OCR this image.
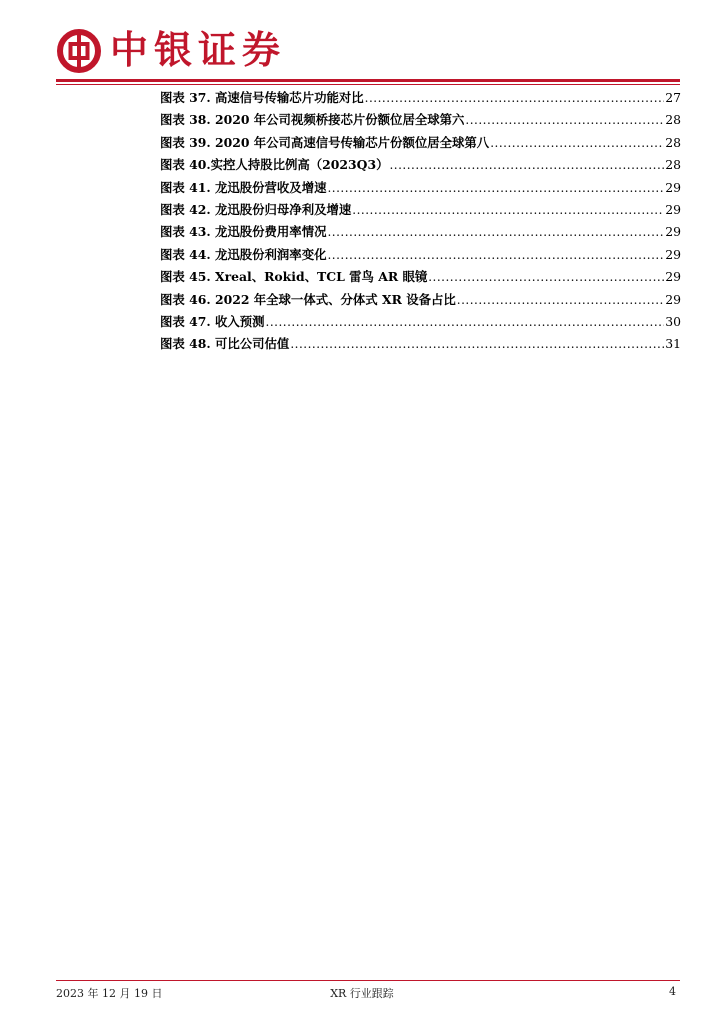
中银证券
图表 37. 高速信号传输芯片功能对比 .....	27
图表 38. 2020 年公司视频桥接芯片份额位居全球第六 .....	28
图表 39. 2020 年公司高速信号传输芯片份额位居全球第八 .....	28
图表 40.实控人持股比例高（2023Q3） .....	28
图表 41. 龙迅股份营收及增速 .....	29
图表 42. 龙迅股份归母净利及增速 .....	29
图表 43. 龙迅股份费用率情况 .....	29
图表 44. 龙迅股份利润率变化 .....	29
图表 45. Xreal、Rokid、TCL 雷鸟 AR 眼镜 .....	29
图表 46. 2022 年全球一体式、分体式 XR 设备占比 .....	29
图表 47. 收入预测 .....	30
图表 48. 可比公司估值 .....	31
2023 年 12 月 19 日	XR 行业跟踪	4
